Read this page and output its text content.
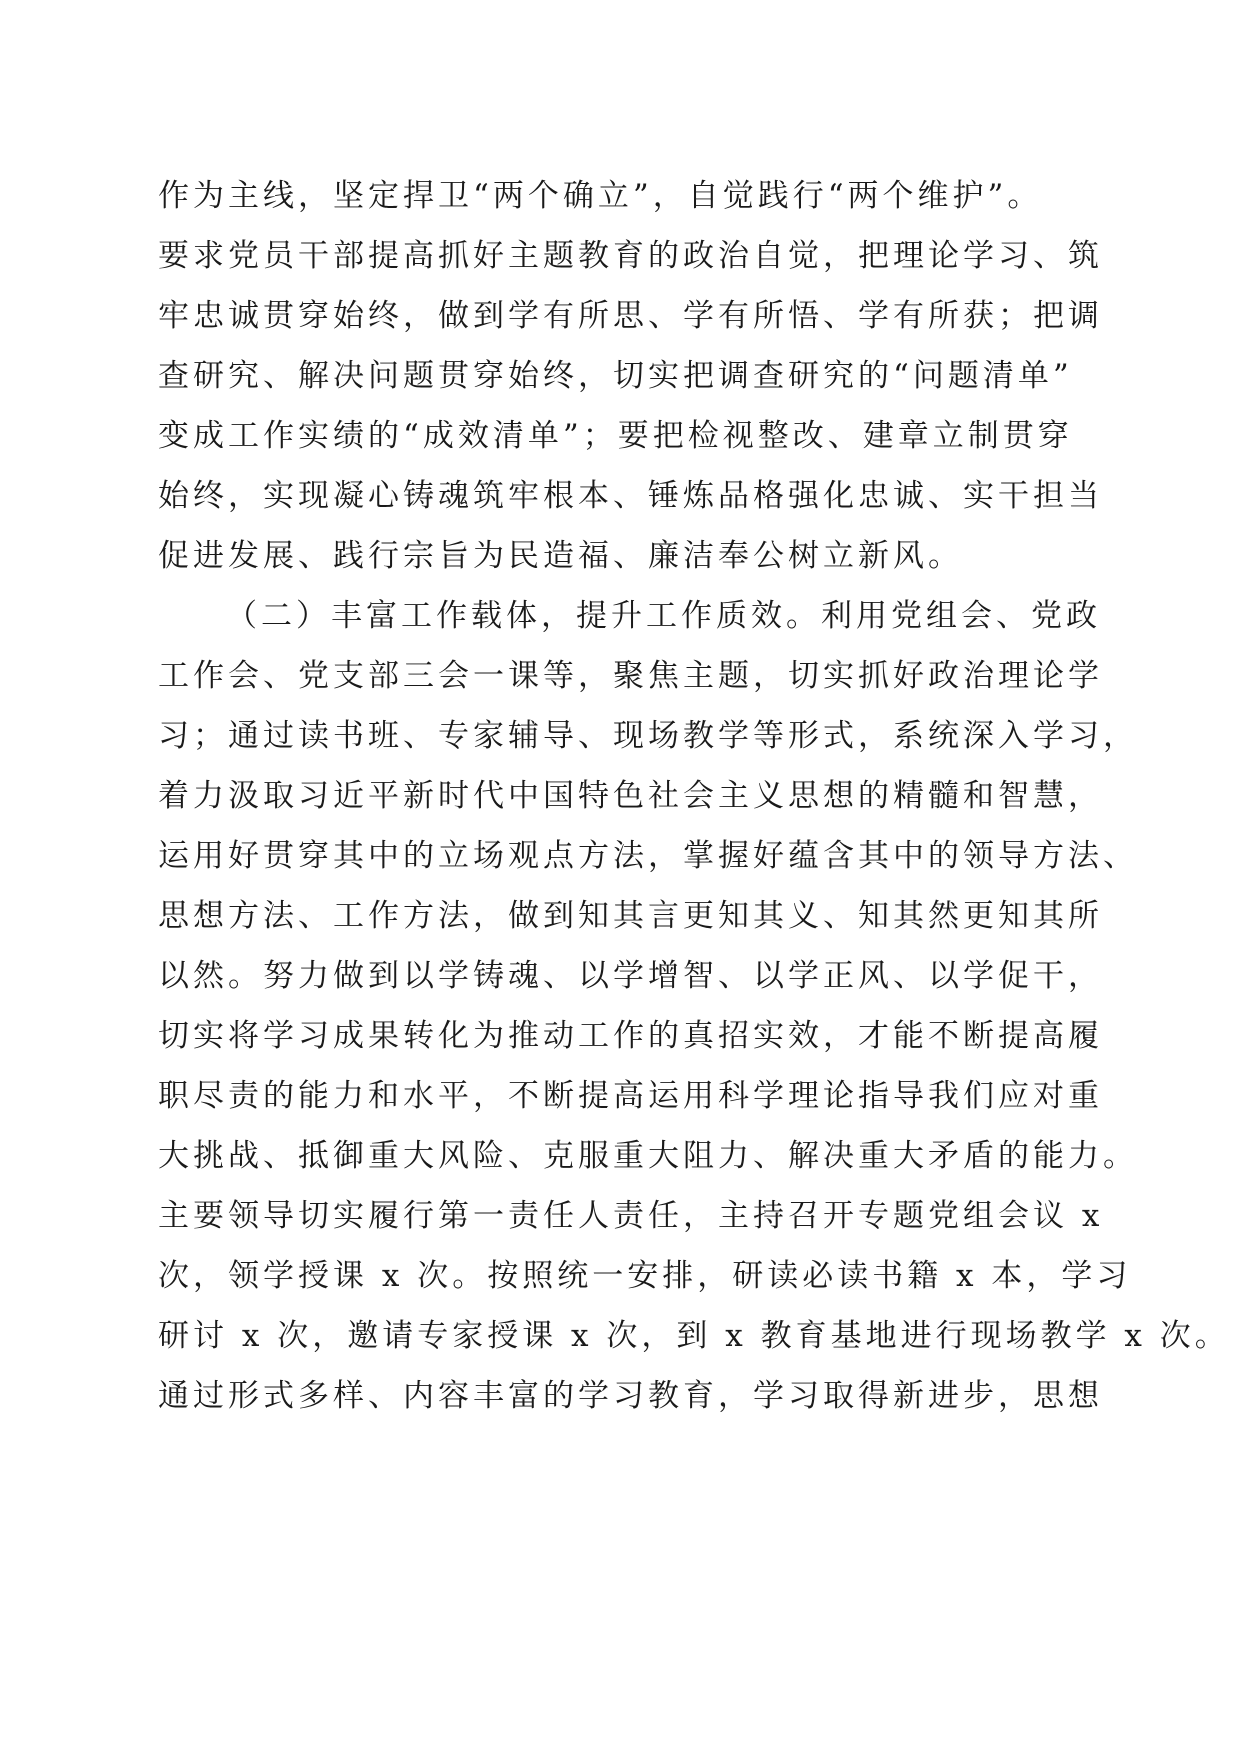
作为主线，坚定捍卫“两个确立”，自觉践行“两个维护”。
要求党员干部提高抓好主题教育的政治自觉，把理论学习、筑
牢忠诚贯穿始终，做到学有所思、学有所悟、学有所获；把调
查研究、解决问题贯穿始终，切实把调查研究的“问题清单”
变成工作实绩的“成效清单”；要把检视整改、建章立制贯穿
始终，实现凝心铸魂筑牢根本、锤炼品格强化忠诚、实干担当
促进发展、践行宗旨为民造福、廉洁奉公树立新风。
（二）丰富工作载体，提升工作质效。利用党组会、党政
工作会、党支部三会一课等，聚焦主题，切实抓好政治理论学
习；通过读书班、专家辅导、现场教学等形式，系统深入学习，
着力汲取习近平新时代中国特色社会主义思想的精髓和智慧，
运用好贯穿其中的立场观点方法，掌握好蕴含其中的领导方法、
思想方法、工作方法，做到知其言更知其义、知其然更知其所
以然。努力做到以学铸魂、以学增智、以学正风、以学促干，
切实将学习成果转化为推动工作的真招实效，才能不断提高履
职尽责的能力和水平，不断提高运用科学理论指导我们应对重
大挑战、抵御重大风险、克服重大阻力、解决重大矛盾的能力。
主要领导切实履行第一责任人责任，主持召开专题党组会议 x
次，领学授课 x 次。按照统一安排，研读必读书籍 x 本，学习
研讨 x 次，邀请专家授课 x 次，到 x 教育基地进行现场教学 x 次。
通过形式多样、内容丰富的学习教育，学习取得新进步，思想
